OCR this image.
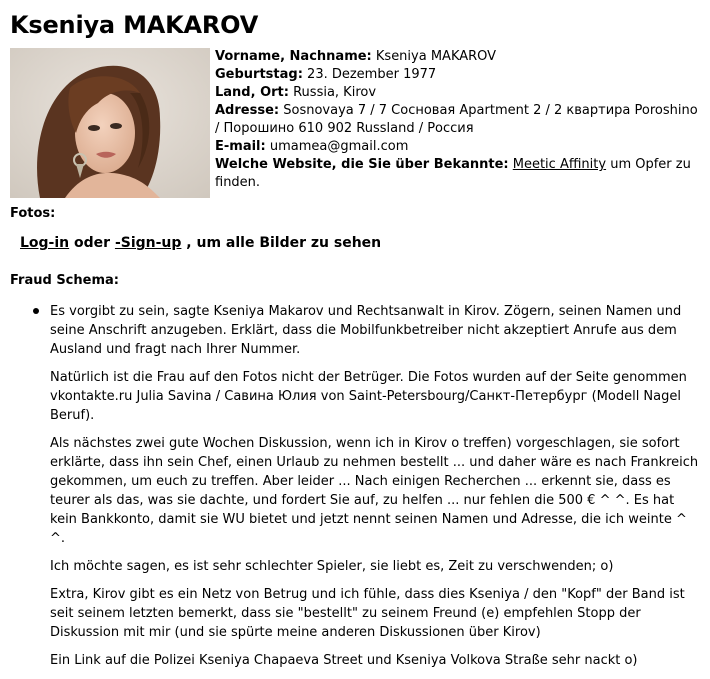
Kseniya MAKAROV
Vorname, Nachname: Kseniya MAKAROV
Geburtstag: 23. Dezember 1977
Land, Ort: Russia, Kirov
Adresse: Sosnovaya 7 / 7 Сосновая Apartment 2 / 2 квартира Poroshino / Порошино 610 902 Russland / Россия
E-mail: umamea@gmail.com
Welche Website, die Sie über Bekannte: Meetic Affinity um Opfer zu finden.
Fotos:
Log-in oder -Sign-up , um alle Bilder zu sehen
Fraud Schema:

Es vorgibt zu sein, sagte Kseniya Makarov und Rechtsanwalt in Kirov. Zögern, seinen Namen und seine Anschrift anzugeben. Erklärt, dass die Mobilfunkbetreiber nicht akzeptiert Anrufe aus dem Ausland und fragt nach Ihrer Nummer.

Natürlich ist die Frau auf den Fotos nicht der Betrüger. Die Fotos wurden auf der Seite genommen vkontakte.ru Julia Savina / Савина Юлия von Saint-Petersbourg/Санкт-Петербург (Modell Nagel Beruf).

Als nächstes zwei gute Wochen Diskussion, wenn ich in Kirov o treffen) vorgeschlagen, sie sofort erklärte, dass ihn sein Chef, einen Urlaub zu nehmen bestellt ... und daher wäre es nach Frankreich gekommen, um euch zu treffen. Aber leider ... Nach einigen Recherchen ... erkennt sie, dass es teurer als das, was sie dachte, und fordert Sie auf, zu helfen ... nur fehlen die 500 € ^ ^. Es hat kein Bankkonto, damit sie WU bietet und jetzt nennt seinen Namen und Adresse, die ich weinte ^ ^.

Ich möchte sagen, es ist sehr schlechter Spieler, sie liebt es, Zeit zu verschwenden; o)

Extra, Kirov gibt es ein Netz von Betrug und ich fühle, dass dies Kseniya / den "Kopf" der Band ist seit seinem letzten bemerkt, dass sie "bestellt" zu seinem Freund (e) empfehlen Stopp der Diskussion mit mir (und sie spürte meine anderen Diskussionen über Kirov)

Ein Link auf die Polizei Kseniya Chapaeva Street und Kseniya Volkova Straße sehr nackt o)
